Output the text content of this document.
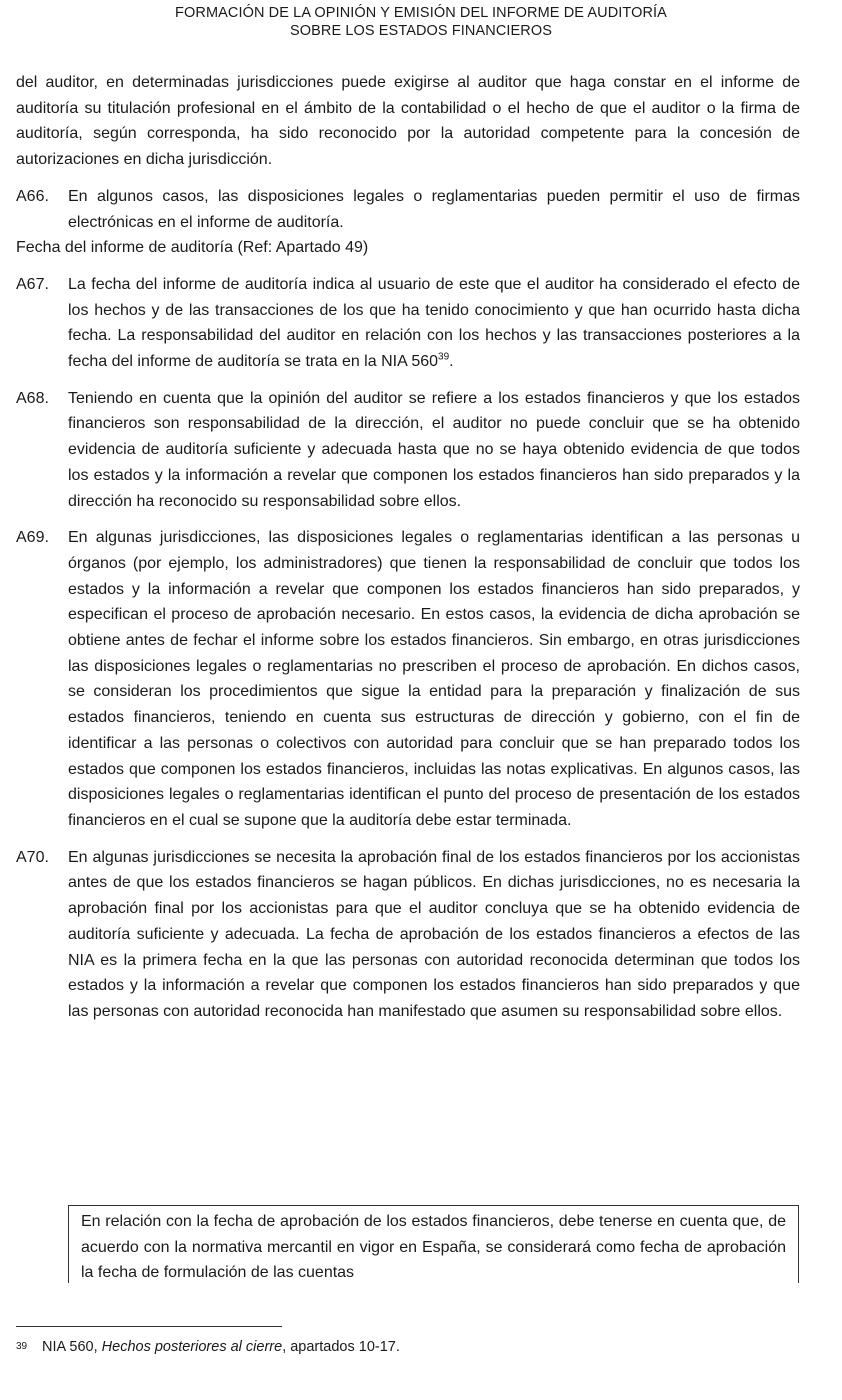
FORMACIÓN DE LA OPINIÓN Y EMISIÓN DEL INFORME DE AUDITORÍA
SOBRE LOS ESTADOS FINANCIEROS

del auditor, en determinadas jurisdicciones puede exigirse al auditor que haga constar en el informe de auditoría su titulación profesional en el ámbito de la contabilidad o el hecho de que el auditor o la firma de auditoría, según corresponda, ha sido reconocido por la autoridad competente para la concesión de autorizaciones en dicha jurisdicción.

A66.	En algunos casos, las disposiciones legales o reglamentarias pueden permitir el uso de firmas electrónicas en el informe de auditoría.

Fecha del informe de auditoría (Ref: Apartado 49)

A67.	La fecha del informe de auditoría indica al usuario de este que el auditor ha considerado el efecto de los hechos y de las transacciones de los que ha tenido conocimiento y que han ocurrido hasta dicha fecha. La responsabilidad del auditor en relación con los hechos y las transacciones posteriores a la fecha del informe de auditoría se trata en la NIA $560^{39}$.
A68.	Teniendo en cuenta que la opinión del auditor se refiere a los estados financieros y que los estados financieros son responsabilidad de la dirección, el auditor no puede concluir que se ha obtenido evidencia de auditoría suficiente y adecuada hasta que no se haya obtenido evidencia de que todos los estados y la información a revelar que componen los estados financieros han sido preparados y la dirección ha reconocido su responsabilidad sobre ellos.
A69.	En algunas jurisdicciones, las disposiciones legales o reglamentarias identifican a las personas u órganos (por ejemplo, los administradores) que tienen la responsabilidad de concluir que todos los estados y la información a revelar que componen los estados financieros han sido preparados, y especifican el proceso de aprobación necesario. En estos casos, la evidencia de dicha aprobación se obtiene antes de fechar el informe sobre los estados financieros. Sin embargo, en otras jurisdicciones las disposiciones legales o reglamentarias no prescriben el proceso de aprobación. En dichos casos, se consideran los procedimientos que sigue la entidad para la preparación y finalización de sus estados financieros, teniendo en cuenta sus estructuras de dirección y gobierno, con el fin de identificar a las personas o colectivos con autoridad para concluir que se han preparado todos los estados que componen los estados financieros, incluidas las notas explicativas. En algunos casos, las disposiciones legales o reglamentarias identifican el punto del proceso de presentación de los estados financieros en el cual se supone que la auditoría debe estar terminada.
A70.	En algunas jurisdicciones se necesita la aprobación final de los estados financieros por los accionistas antes de que los estados financieros se hagan públicos. En dichas jurisdicciones, no es necesaria la aprobación final por los accionistas para que el auditor concluya que se ha obtenido evidencia de auditoría suficiente y adecuada. La fecha de aprobación de los estados financieros a efectos de las NIA es la primera fecha en la que las personas con autoridad reconocida determinan que todos los estados y la información a revelar que componen los estados financieros han sido preparados y que las personas con autoridad reconocida han manifestado que asumen su responsabilidad sobre ellos.
En relación con la fecha de aprobación de los estados financieros, debe tenerse en cuenta que, de acuerdo con la normativa mercantil en vigor en España, se considerará como fecha de aprobación la fecha de formulación de las cuentas
39 NIA 560, Hechos posteriores al cierre, apartados 10-17.
